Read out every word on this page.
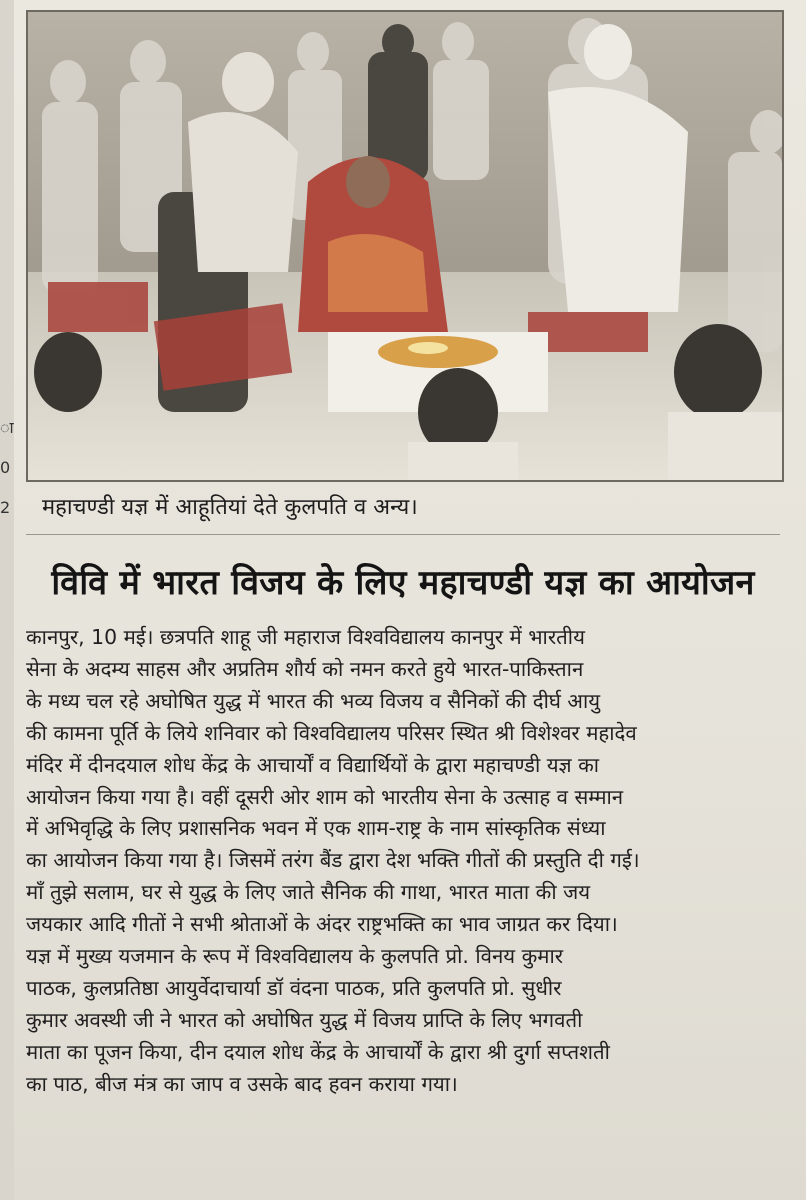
ा
0
2 महाचण्डी यज्ञ में आहूतियां देते कुलपति व अन्य।
विवि में भारत विजय के लिए महाचण्डी यज्ञ का आयोजन
कानपुर, 10 मई। छत्रपति शाहू जी महाराज विश्वविद्यालय कानपुर में भारतीय
सेना के अदम्य साहस और अप्रतिम शौर्य को नमन करते हुये भारत-पाकिस्तान
के मध्य चल रहे अघोषित युद्ध में भारत की भव्य विजय व सैनिकों की दीर्घ आयु
की कामना पूर्ति के लिये शनिवार को विश्वविद्यालय परिसर स्थित श्री विशेश्वर महादेव
मंदिर में दीनदयाल शोध केंद्र के आचार्यों व विद्यार्थियों के द्वारा महाचण्डी यज्ञ का
आयोजन किया गया है। वहीं दूसरी ओर शाम को भारतीय सेना के उत्साह व सम्मान
में अभिवृद्धि के लिए प्रशासनिक भवन में एक शाम-राष्ट्र के नाम सांस्कृतिक संध्या
का आयोजन किया गया है। जिसमें तरंग बैंड द्वारा देश भक्ति गीतों की प्रस्तुति दी गई।
माँ तुझे सलाम, घर से युद्ध के लिए जाते सैनिक की गाथा, भारत माता की जय
जयकार आदि गीतों ने सभी श्रोताओं के अंदर राष्ट्रभक्ति का भाव जाग्रत कर दिया।
यज्ञ में मुख्य यजमान के रूप में विश्वविद्यालय के कुलपति प्रो. विनय कुमार
पाठक, कुलप्रतिष्ठा आयुर्वेदाचार्या डॉ वंदना पाठक, प्रति कुलपति प्रो. सुधीर
कुमार अवस्थी जी ने भारत को अघोषित युद्ध में विजय प्राप्ति के लिए भगवती
माता का पूजन किया, दीन दयाल शोध केंद्र के आचार्यों के द्वारा श्री दुर्गा सप्तशती
का पाठ, बीज मंत्र का जाप व उसके बाद हवन कराया गया।
